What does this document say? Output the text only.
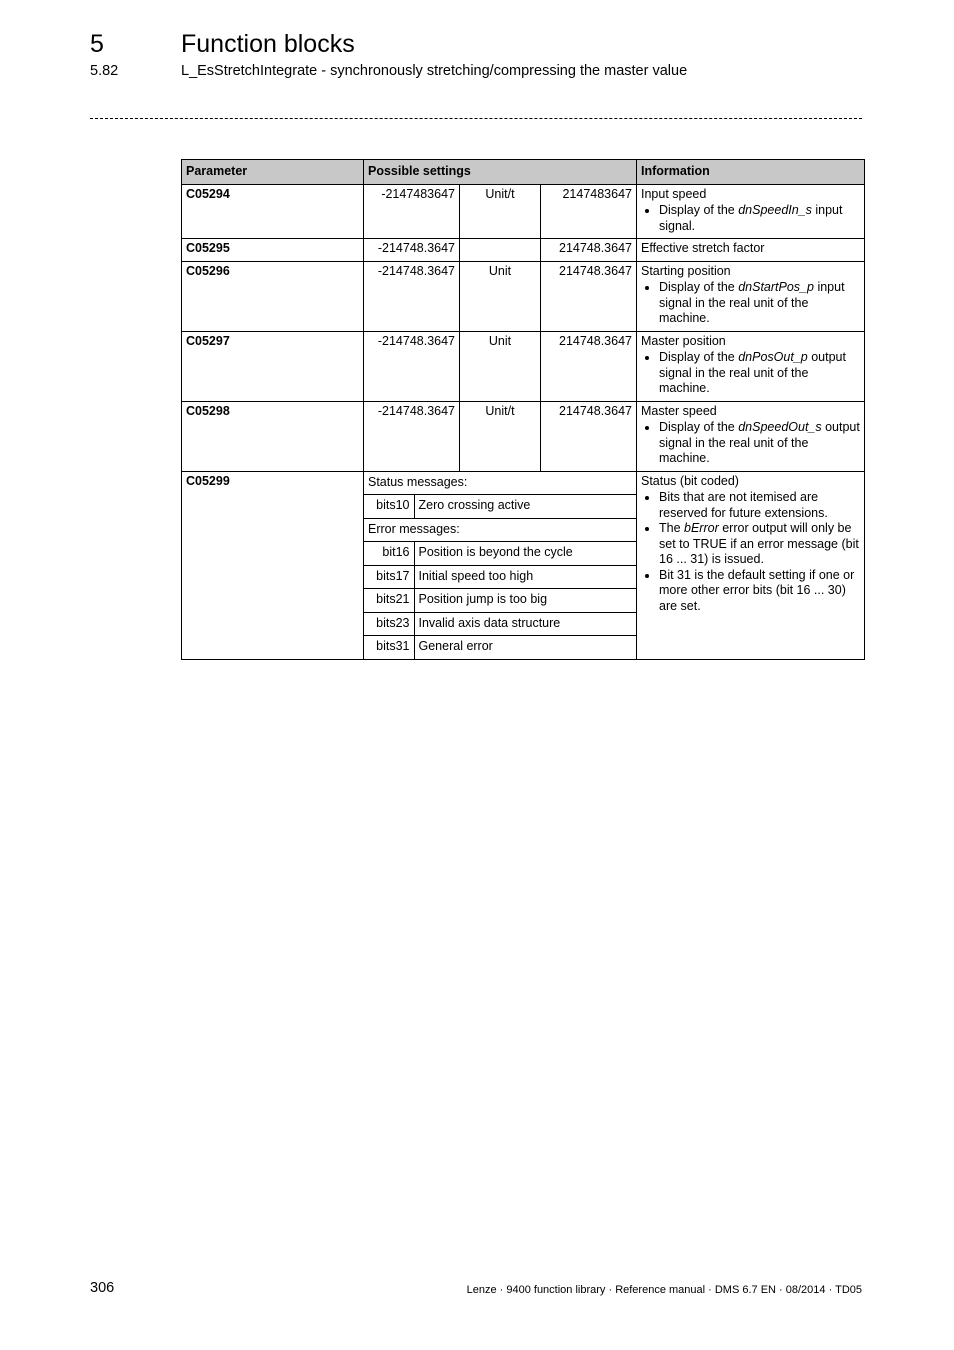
5	Function blocks
5.82	L_EsStretchIntegrate - synchronously stretching/compressing the master value
Parameter	Possible settings	Information
C05294	-2147483647	Unit/t	2147483647	Input speed
• Display of the dnSpeedIn_s input signal.

C05295	-214748.3647		214748.3647	Effective stretch factor

C05296	-214748.3647	Unit	214748.3647	Starting position
• Display of the dnStartPos_p input signal in the real unit of the machine.

C05297	-214748.3647	Unit	214748.3647	Master position
• Display of the dnPosOut_p output signal in the real unit of the machine.

C05298	-214748.3647	Unit/t	214748.3647	Master speed
• Display of the dnSpeedOut_s output signal in the real unit of the machine.

C05299		Status messages:
bits10	Zero crossing active
Error messages:
bit16	Position is beyond the cycle
bits17	Initial speed too high
bits21	Position jump is too big
bits23	Invalid axis data structure
bits31	General error

Status (bit coded)
• Bits that are not itemised are reserved for future extensions.
• The bError error output will only be set to TRUE if an error message (bit 16 ... 31) is issued.
• Bit 31 is the default setting if one or more other error bits (bit 16 ... 30) are set.
306	Lenze · 9400 function library · Reference manual · DMS 6.7 EN · 08/2014 · TD05
